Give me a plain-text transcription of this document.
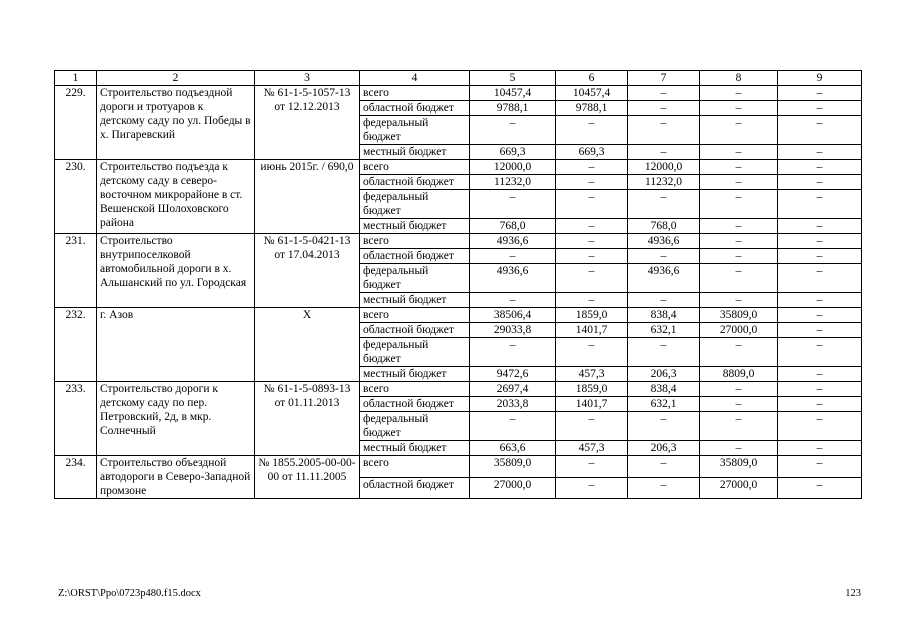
1	2	3	4	5	6	7	8	9
229.	Строительство подъездной дороги и тротуаров к детскому саду по ул. Победы в х. Пигаревский	№ 61-1-5-1057-13 от 12.12.2013	всего	10457,4	10457,4	–	–	–
			областной бюджет	9788,1	9788,1	–	–	–
			федеральный бюджет	–	–	–	–	–
			местный бюджет	669,3	669,3	–	–	–
230.	Строительство подъезда к детскому саду в северо-восточном микрорайоне в ст. Вешенской Шолоховского района	июнь 2015г. / 690,0	всего	12000,0	–	12000,0	–	–
			областной бюджет	11232,0	–	11232,0	–	–
			федеральный бюджет	–	–	–	–	–
			местный бюджет	768,0	–	768,0	–	–
231.	Строительство внутрипоселковой автомобильной дороги в х. Альшанский по ул. Городская	№ 61-1-5-0421-13 от 17.04.2013	всего	4936,6	–	4936,6	–	–
			областной бюджет	–	–	–	–	–
			федеральный бюджет	4936,6	–	4936,6	–	–
			местный бюджет	–	–	–	–	–
232.	г. Азов	Х	всего	38506,4	1859,0	838,4	35809,0	–
			областной бюджет	29033,8	1401,7	632,1	27000,0	–
			федеральный бюджет	–	–	–	–	–
			местный бюджет	9472,6	457,3	206,3	8809,0	–
233.	Строительство дороги к детскому саду по пер. Петровский, 2д, в мкр. Солнечный	№ 61-1-5-0893-13 от 01.11.2013	всего	2697,4	1859,0	838,4	–	–
			областной бюджет	2033,8	1401,7	632,1	–	–
			федеральный бюджет	–	–	–	–	–
			местный бюджет	663,6	457,3	206,3	–	–
234.	Строительство объездной автодороги в Северо-Западной промзоне	№ 1855.2005-00-00-00 от 11.11.2005	всего	35809,0	–	–	35809,0	–
			областной бюджет	27000,0	–	–	27000,0	–
Z:\ORST\Ppo\0723p480.f15.docx	123
